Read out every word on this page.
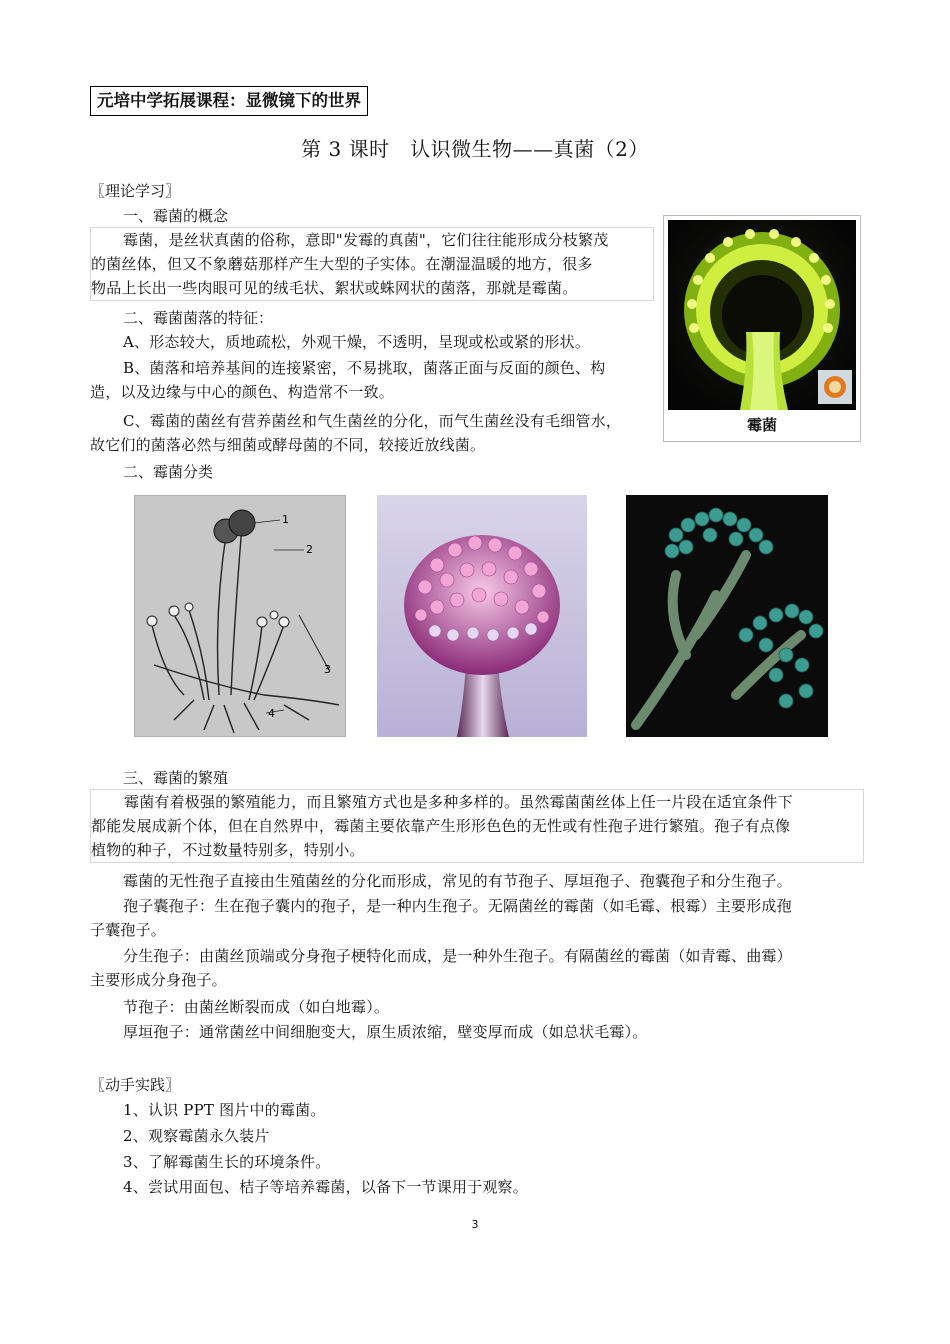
元培中学拓展课程：显微镜下的世界
第 3 课时　认识微生物——真菌（2）
〖理论学习〗
一、霉菌的概念
霉菌，是丝状真菌的俗称，意即"发霉的真菌"，它们往往能形成分枝繁茂
的菌丝体，但又不象蘑菇那样产生大型的子实体。在潮湿温暖的地方，很多
物品上长出一些肉眼可见的绒毛状、絮状或蛛网状的菌落，那就是霉菌。
二、霉菌菌落的特征：
A、形态较大，质地疏松，外观干燥，不透明，呈现或松或紧的形状。
B、菌落和培养基间的连接紧密，不易挑取，菌落正面与反面的颜色、构
造，以及边缘与中心的颜色、构造常不一致。
C、霉菌的菌丝有营养菌丝和气生菌丝的分化，而气生菌丝没有毛细管水，
故它们的菌落必然与细菌或酵母菌的不同，较接近放线菌。
霉菌
二、霉菌分类
1
2
3
4
三、霉菌的繁殖
霉菌有着极强的繁殖能力，而且繁殖方式也是多种多样的。虽然霉菌菌丝体上任一片段在适宜条件下
都能发展成新个体，但在自然界中，霉菌主要依靠产生形形色色的无性或有性孢子进行繁殖。孢子有点像
植物的种子，不过数量特别多，特别小。
霉菌的无性孢子直接由生殖菌丝的分化而形成，常见的有节孢子、厚垣孢子、孢囊孢子和分生孢子。
孢子囊孢子：生在孢子囊内的孢子，是一种内生孢子。无隔菌丝的霉菌（如毛霉、根霉）主要形成孢
子囊孢子。
分生孢子：由菌丝顶端或分身孢子梗特化而成，是一种外生孢子。有隔菌丝的霉菌（如青霉、曲霉）
主要形成分身孢子。
节孢子：由菌丝断裂而成（如白地霉）。
厚垣孢子：通常菌丝中间细胞变大，原生质浓缩，壁变厚而成（如总状毛霉）。
〖动手实践〗
1、认识 PPT 图片中的霉菌。
2、观察霉菌永久装片
3、了解霉菌生长的环境条件。
4、尝试用面包、桔子等培养霉菌，以备下一节课用于观察。
3
